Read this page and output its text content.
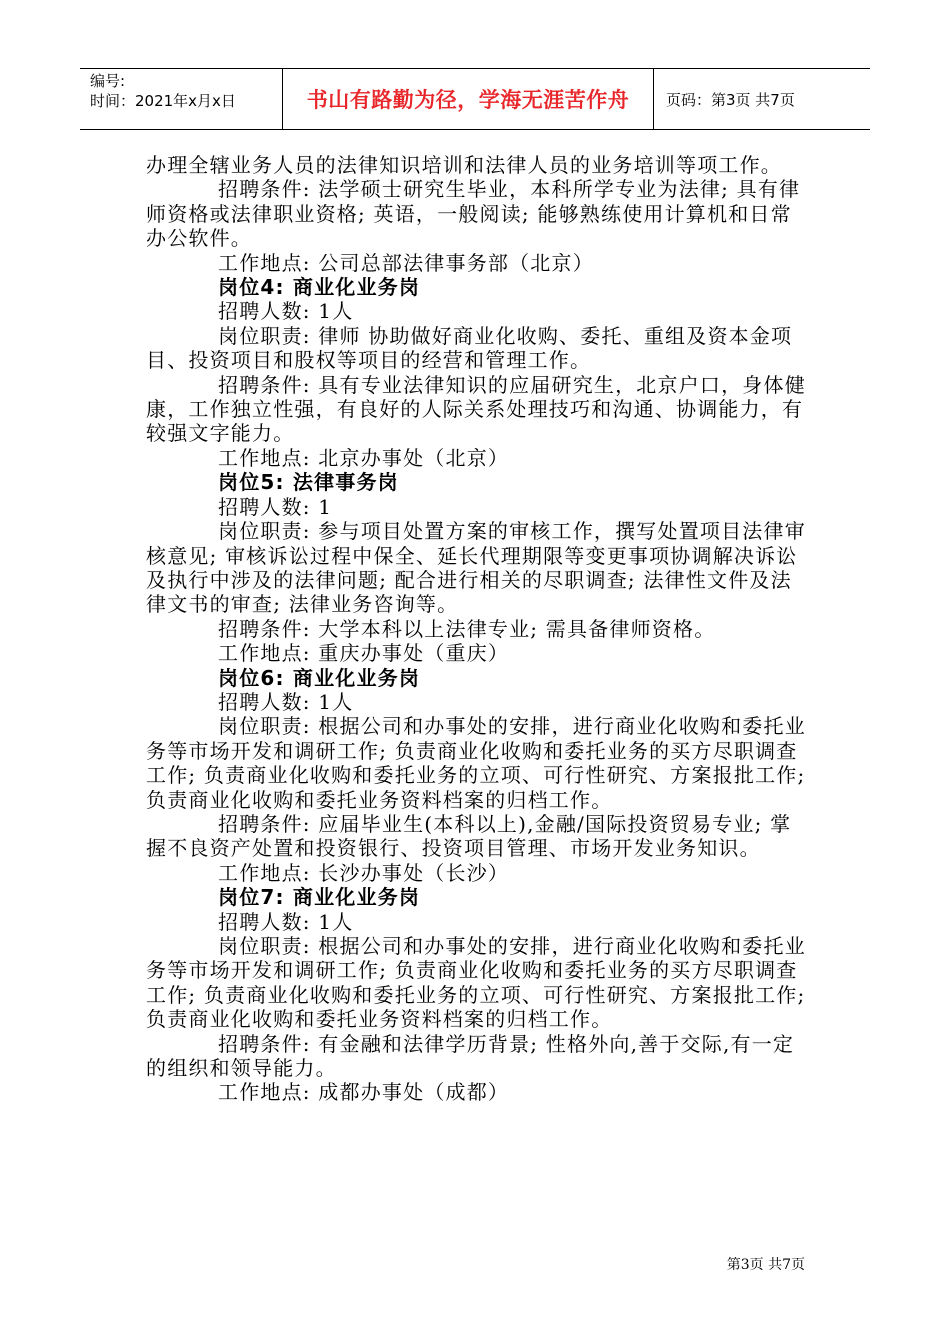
编号:
时间：2021年x月x日	书山有路勤为径，学海无涯苦作舟	页码：第3页 共7页

办理全辖业务人员的法律知识培训和法律人员的业务培训等项工作。

招聘条件: 法学硕士研究生毕业，本科所学专业为法律; 具有律师资格或法律职业资格; 英语，一般阅读; 能够熟练使用计算机和日常办公软件。

工作地点: 公司总部法律事务部（北京）

岗位4: 商业化业务岗

招聘人数: 1人

岗位职责: 律师 协助做好商业化收购、委托、重组及资本金项目、投资项目和股权等项目的经营和管理工作。

招聘条件: 具有专业法律知识的应届研究生，北京户口，身体健康，工作独立性强，有良好的人际关系处理技巧和沟通、协调能力，有较强文字能力。

工作地点: 北京办事处（北京）

岗位5: 法律事务岗

招聘人数: 1

岗位职责: 参与项目处置方案的审核工作，撰写处置项目法律审核意见; 审核诉讼过程中保全、延长代理期限等变更事项协调解决诉讼及执行中涉及的法律问题; 配合进行相关的尽职调查; 法律性文件及法律文书的审查; 法律业务咨询等。

招聘条件: 大学本科以上法律专业; 需具备律师资格。

工作地点: 重庆办事处（重庆）

岗位6: 商业化业务岗

招聘人数: 1人

岗位职责: 根据公司和办事处的安排，进行商业化收购和委托业务等市场开发和调研工作; 负责商业化收购和委托业务的买方尽职调查工作; 负责商业化收购和委托业务的立项、可行性研究、方案报批工作; 负责商业化收购和委托业务资料档案的归档工作。

招聘条件: 应届毕业生(本科以上),金融/国际投资贸易专业; 掌握不良资产处置和投资银行、投资项目管理、市场开发业务知识。

工作地点: 长沙办事处（长沙）

岗位7: 商业化业务岗

招聘人数: 1人

岗位职责: 根据公司和办事处的安排，进行商业化收购和委托业务等市场开发和调研工作; 负责商业化收购和委托业务的买方尽职调查工作; 负责商业化收购和委托业务的立项、可行性研究、方案报批工作; 负责商业化收购和委托业务资料档案的归档工作。

招聘条件: 有金融和法律学历背景; 性格外向,善于交际,有一定的组织和领导能力。

工作地点: 成都办事处（成都）

第3页 共7页
